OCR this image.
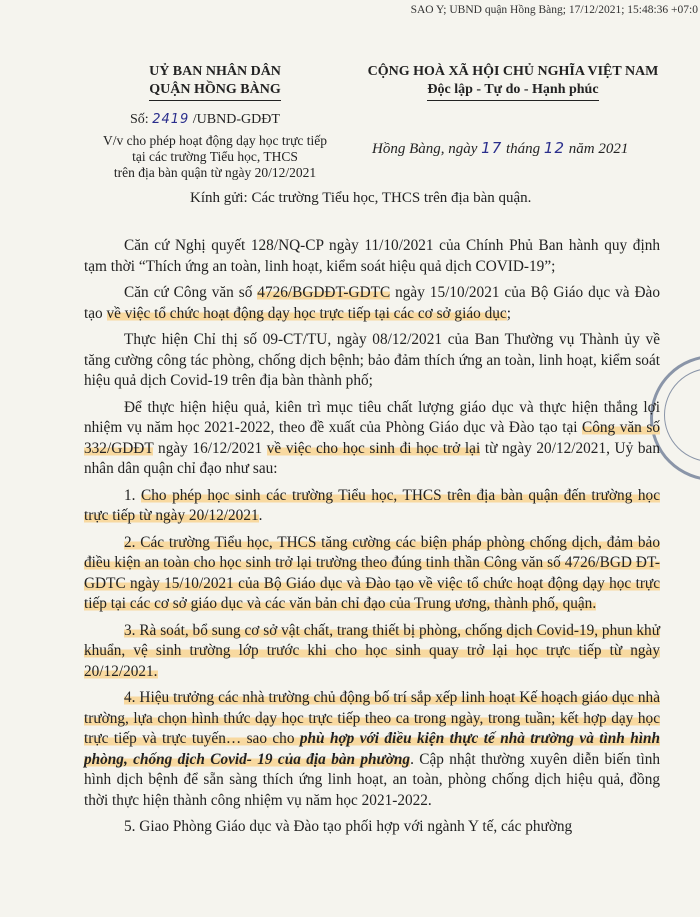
SAO Y; UBND quận Hồng Bàng; 17/12/2021; 15:48:36 +07:0
UỶ BAN NHÂN DÂN
QUẬN HỒNG BÀNG
CỘNG HOÀ XÃ HỘI CHỦ NGHĨA VIỆT NAM
Độc lập - Tự do - Hạnh phúc
Số: 2419 /UBND-GDĐT
V/v cho phép hoạt động dạy học trực tiếp
tại các trường Tiểu học, THCS
trên địa bàn quận từ ngày 20/12/2021
Hồng Bàng, ngày 17 tháng 12 năm 2021
Kính gửi: Các trường Tiểu học, THCS trên địa bàn quận.

Căn cứ Nghị quyết 128/NQ-CP ngày 11/10/2021 của Chính Phủ Ban hành quy định tạm thời “Thích ứng an toàn, linh hoạt, kiểm soát hiệu quả dịch COVID-19”;

Căn cứ Công văn số 4726/BGDĐT-GDTC ngày 15/10/2021 của Bộ Giáo dục và Đào tạo về việc tổ chức hoạt động dạy học trực tiếp tại các cơ sở giáo dục;

Thực hiện Chỉ thị số 09-CT/TU, ngày 08/12/2021 của Ban Thường vụ Thành ủy về tăng cường công tác phòng, chống dịch bệnh; bảo đảm thích ứng an toàn, linh hoạt, kiểm soát hiệu quả dịch Covid-19 trên địa bàn thành phố;

Để thực hiện hiệu quả, kiên trì mục tiêu chất lượng giáo dục và thực hiện thắng lợi nhiệm vụ năm học 2021-2022, theo đề xuất của Phòng Giáo dục và Đào tạo tại Công văn số 332/GDĐT ngày 16/12/2021 về việc cho học sinh đi học trở lại từ ngày 20/12/2021, Uỷ ban nhân dân quận chỉ đạo như sau:

1. Cho phép học sinh các trường Tiểu học, THCS trên địa bàn quận đến trường học trực tiếp từ ngày 20/12/2021.

2. Các trường Tiểu học, THCS tăng cường các biện pháp phòng chống dịch, đảm bảo điều kiện an toàn cho học sinh trở lại trường theo đúng tinh thần Công văn số 4726/BGD ĐT-GDTC ngày 15/10/2021 của Bộ Giáo dục và Đào tạo về việc tổ chức hoạt động dạy học trực tiếp tại các cơ sở giáo dục và các văn bản chỉ đạo của Trung ương, thành phố, quận.

3. Rà soát, bổ sung cơ sở vật chất, trang thiết bị phòng, chống dịch Covid-19, phun khử khuẩn, vệ sinh trường lớp trước khi cho học sinh quay trở lại học trực tiếp từ ngày 20/12/2021.

4. Hiệu trưởng các nhà trường chủ động bố trí sắp xếp linh hoạt Kế hoạch giáo dục nhà trường, lựa chọn hình thức dạy học trực tiếp theo ca trong ngày, trong tuần; kết hợp dạy học trực tiếp và trực tuyến… sao cho phù hợp với điều kiện thực tế nhà trường và tình hình phòng, chống dịch Covid- 19 của địa bàn phường. Cập nhật thường xuyên diễn biến tình hình dịch bệnh để sẵn sàng thích ứng linh hoạt, an toàn, phòng chống dịch hiệu quả, đồng thời thực hiện thành công nhiệm vụ năm học 2021-2022.

5. Giao Phòng Giáo dục và Đào tạo phối hợp với ngành Y tế, các phường
